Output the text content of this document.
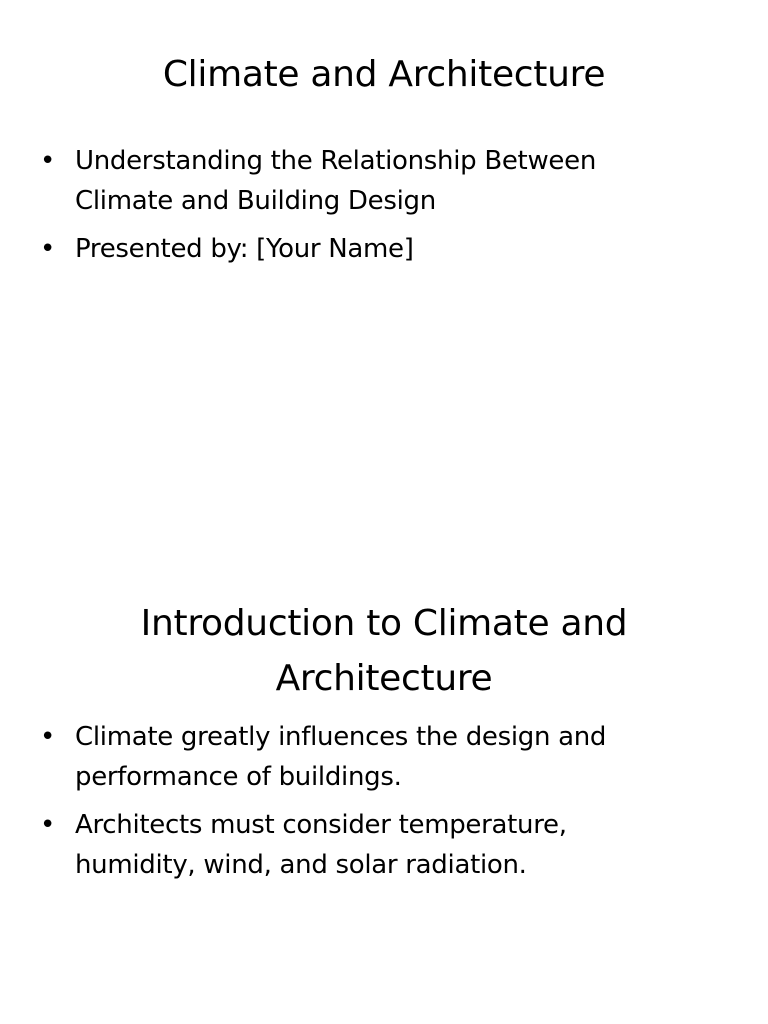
Climate and Architecture
• Understanding the Relationship Between Climate and Building Design
• Presented by: [Your Name]
Introduction to Climate and Architecture
• Climate greatly influences the design and performance of buildings.
• Architects must consider temperature, humidity, wind, and solar radiation.
